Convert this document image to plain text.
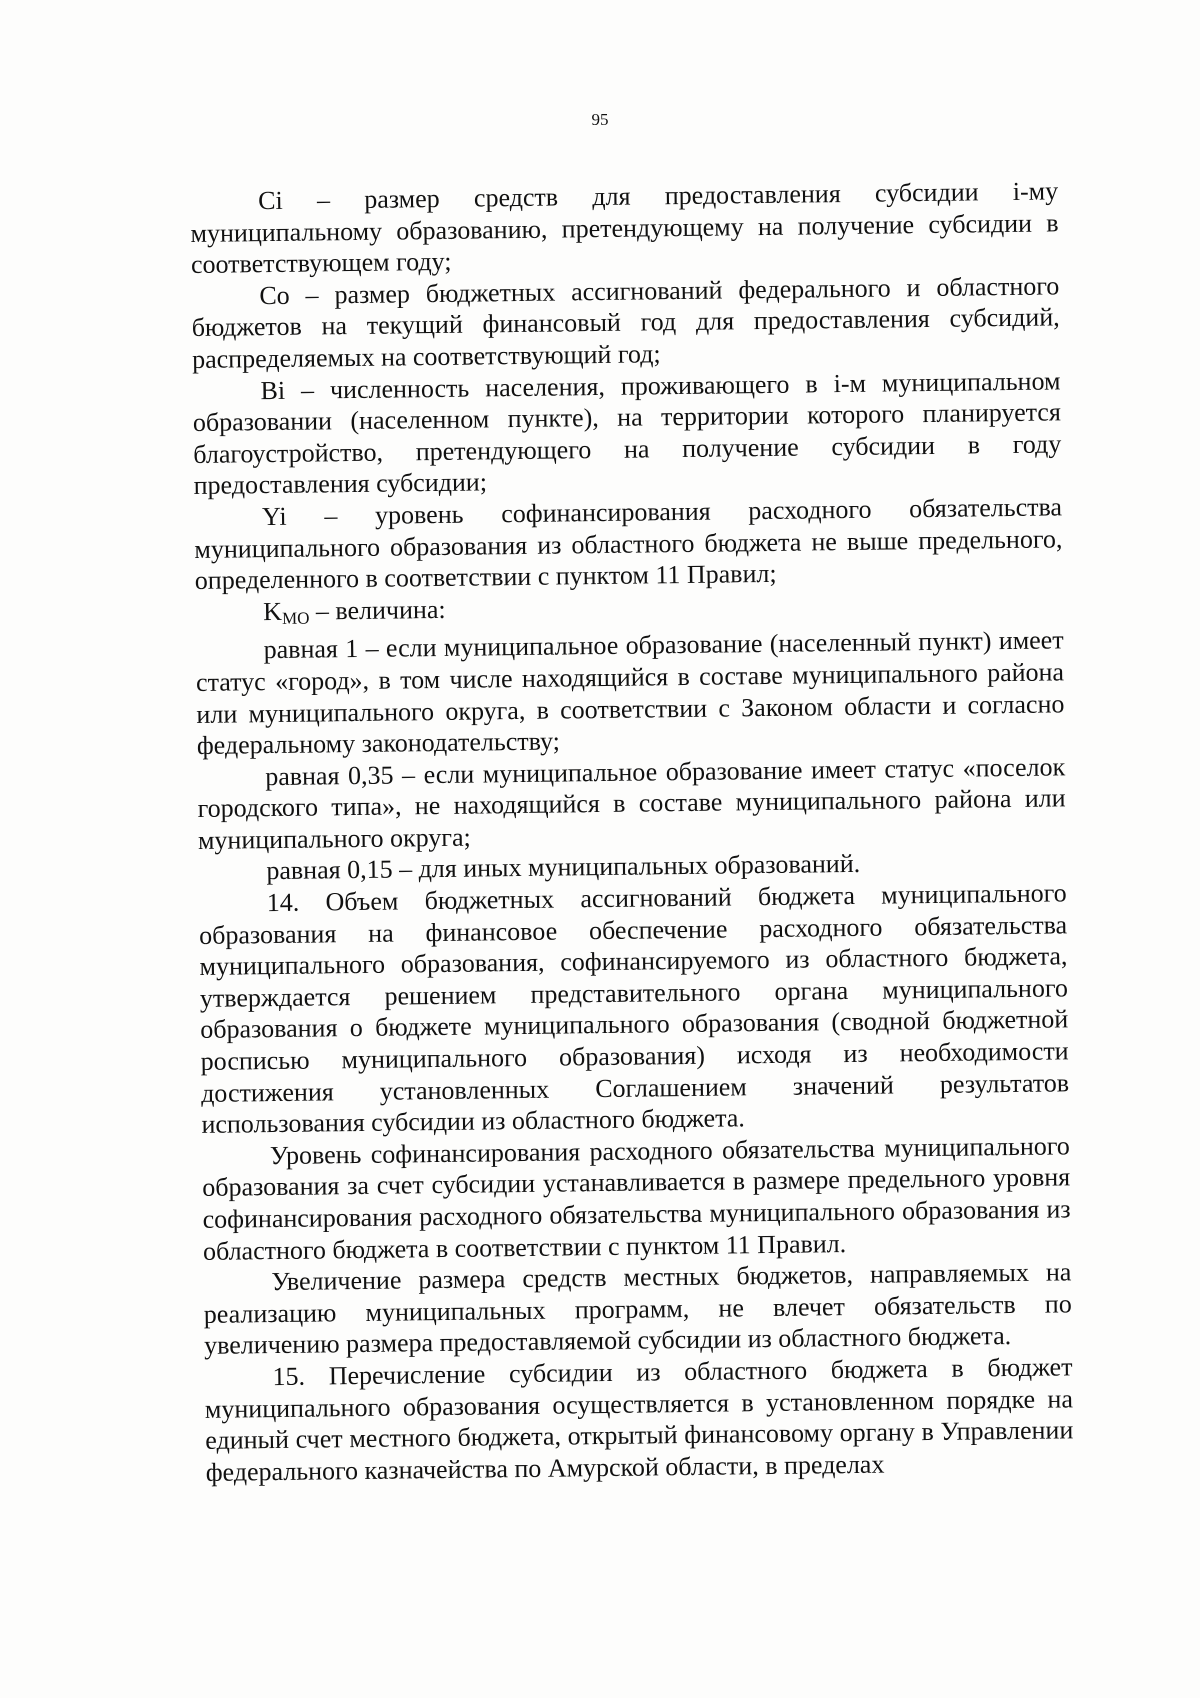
95

Ci – размер средств для предоставления субсидии i-му муниципальному образованию, претендующему на получение субсидии в соответствующем году;

Co – размер бюджетных ассигнований федерального и областного бюджетов на текущий финансовый год для предоставления субсидий, распределяемых на соответствующий год;

Bi – численность населения, проживающего в i-м муниципальном образовании (населенном пункте), на территории которого планируется благоустройство, претендующего на получение субсидии в году предоставления субсидии;

Yi – уровень софинансирования расходного обязательства муниципального образования из областного бюджета не выше предельного, определенного в соответствии с пунктом 11 Правил;

$K_{МО}$ – величина:

равная 1 – если муниципальное образование (населенный пункт) имеет статус «город», в том числе находящийся в составе муниципального района или муниципального округа, в соответствии с Законом области и согласно федеральному законодательству;

равная 0,35 – если муниципальное образование имеет статус «поселок городского типа», не находящийся в составе муниципального района или муниципального округа;

равная 0,15 – для иных муниципальных образований.

14. Объем бюджетных ассигнований бюджета муниципального образования на финансовое обеспечение расходного обязательства муниципального образования, софинансируемого из областного бюджета, утверждается решением представительного органа муниципального образования о бюджете муниципального образования (сводной бюджетной росписью муниципального образования) исходя из необходимости достижения установленных Соглашением значений результатов использования субсидии из областного бюджета.

Уровень софинансирования расходного обязательства муниципального образования за счет субсидии устанавливается в размере предельного уровня софинансирования расходного обязательства муниципального образования из областного бюджета в соответствии с пунктом 11 Правил.

Увеличение размера средств местных бюджетов, направляемых на реализацию муниципальных программ, не влечет обязательств по увеличению размера предоставляемой субсидии из областного бюджета.

15. Перечисление субсидии из областного бюджета в бюджет муниципального образования осуществляется в установленном порядке на единый счет местного бюджета, открытый финансовому органу в Управлении федерального казначейства по Амурской области, в пределах
